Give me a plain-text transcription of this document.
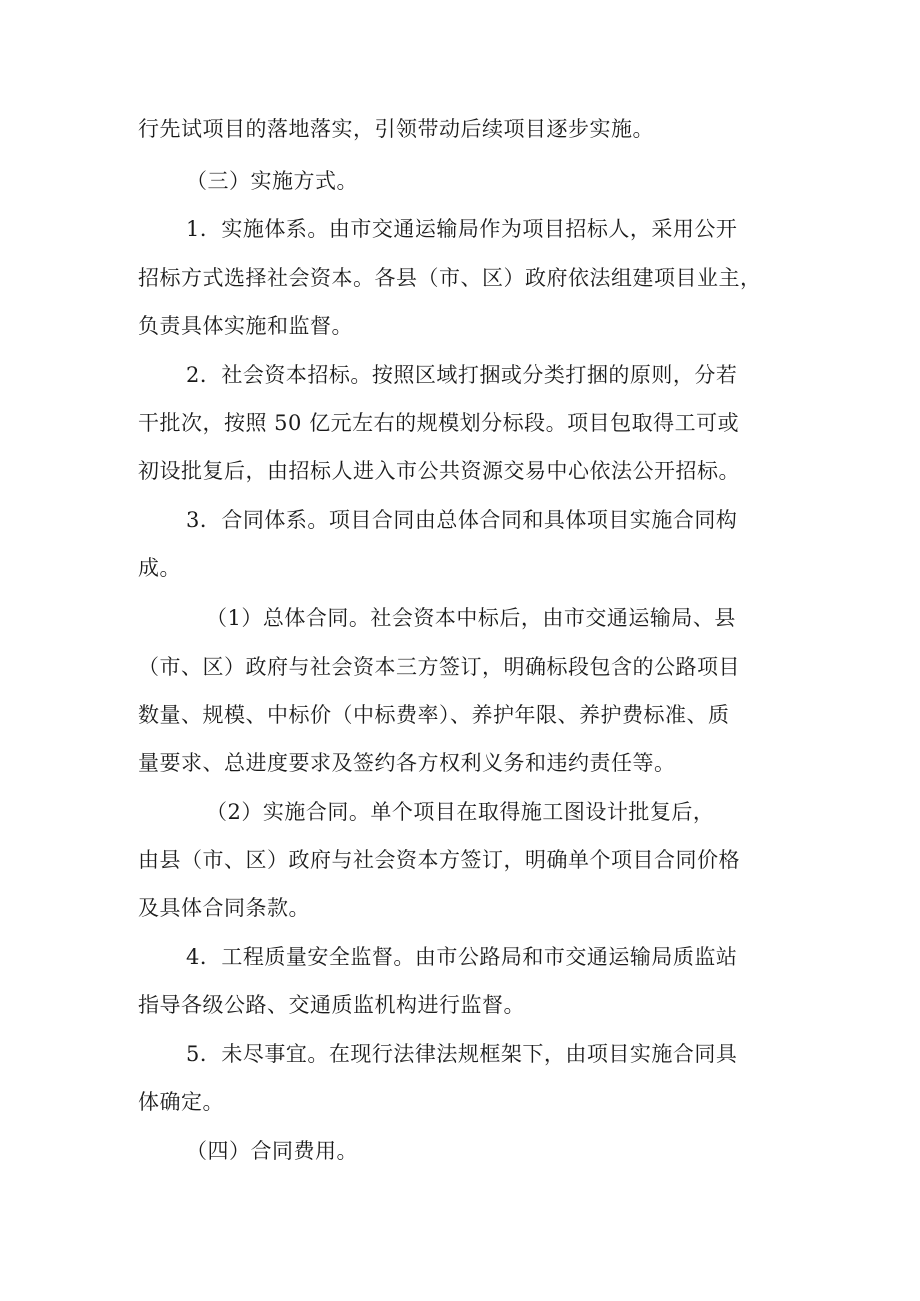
行先试项目的落地落实，引领带动后续项目逐步实施。
（三）实施方式。
1．实施体系。由市交通运输局作为项目招标人，采用公开
招标方式选择社会资本。各县（市、区）政府依法组建项目业主，
负责具体实施和监督。
2．社会资本招标。按照区域打捆或分类打捆的原则，分若
干批次，按照 50 亿元左右的规模划分标段。项目包取得工可或
初设批复后，由招标人进入市公共资源交易中心依法公开招标。
3．合同体系。项目合同由总体合同和具体项目实施合同构
成。
（1）总体合同。社会资本中标后，由市交通运输局、县
（市、区）政府与社会资本三方签订，明确标段包含的公路项目
数量、规模、中标价（中标费率）、养护年限、养护费标准、质
量要求、总进度要求及签约各方权利义务和违约责任等。
（2）实施合同。单个项目在取得施工图设计批复后，
由县（市、区）政府与社会资本方签订，明确单个项目合同价格
及具体合同条款。
4．工程质量安全监督。由市公路局和市交通运输局质监站
指导各级公路、交通质监机构进行监督。
5．未尽事宜。在现行法律法规框架下，由项目实施合同具
体确定。
（四）合同费用。
